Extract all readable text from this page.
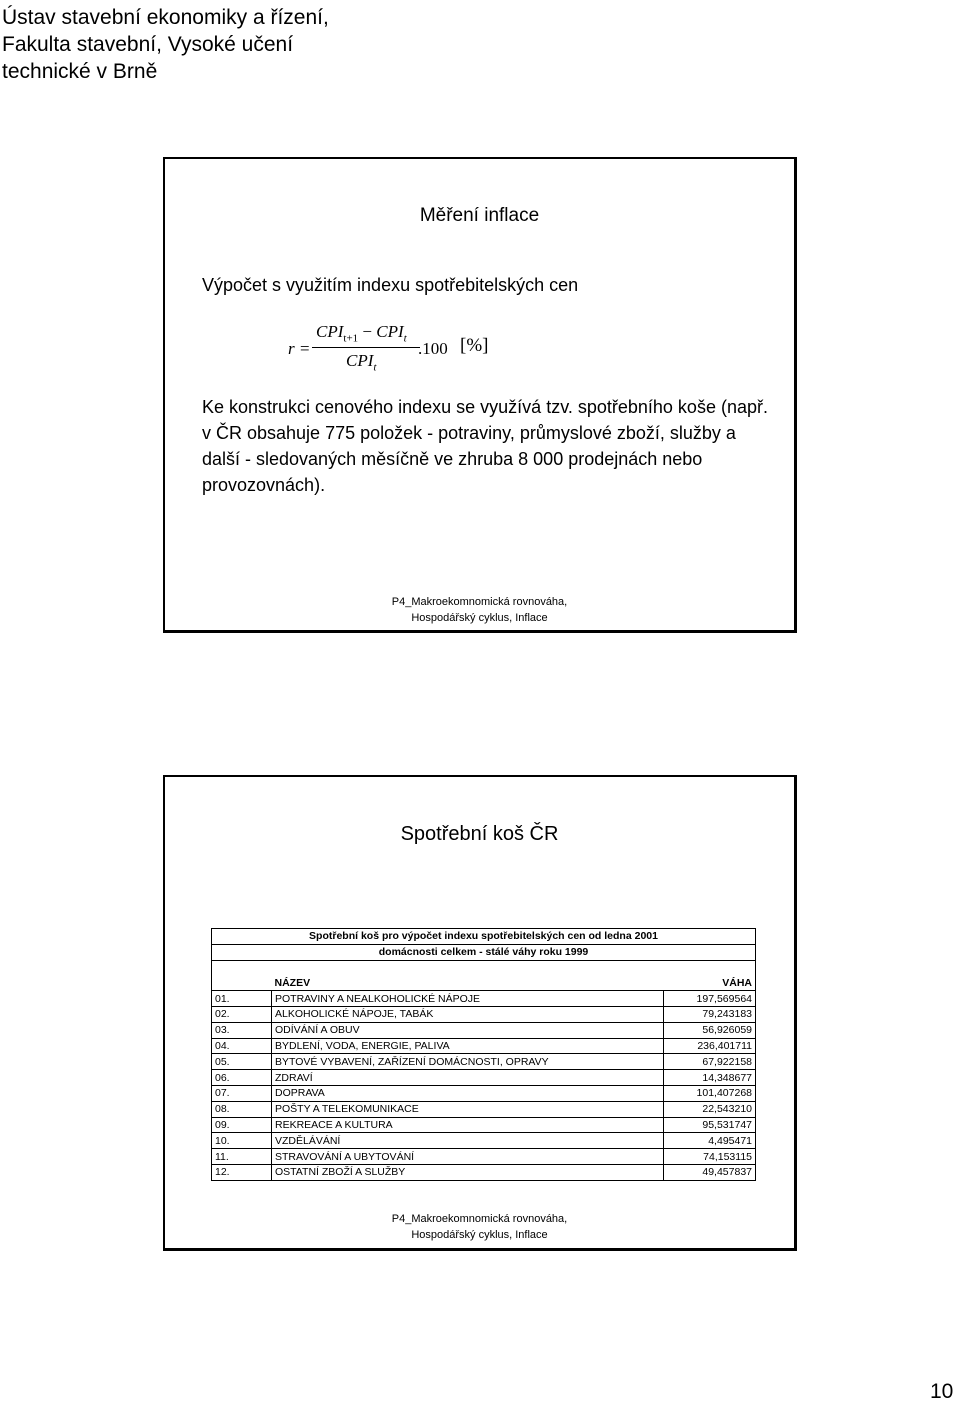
Ústav stavební ekonomiky a řízení,
Fakulta stavební, Vysoké učení
technické v Brně
Měření inflace
Výpočet s využitím indexu spotřebitelských cen
r =
$CPI_{t+1} - CPI_t$
$CPI_t$
.100 [%]
Ke konstrukci cenového indexu se využívá tzv. spotřebního koše (např.
v ČR obsahuje 775 položek - potraviny, průmyslové zboží, služby a
další - sledovaných měsíčně ve zhruba 8 000 prodejnách nebo
provozovnách).
P4_Makroekomnomická rovnováha,
Hospodářský cyklus, Inflace
Spotřební koš ČR
Spotřební koš pro výpočet indexu spotřebitelských cen od ledna 2001		
domácnosti celkem - stálé váhy roku 1999		

	NÁZEV	VÁHA
01.	POTRAVINY A NEALKOHOLICKÉ NÁPOJE	197,569564
02.	ALKOHOLICKÉ NÁPOJE, TABÁK	79,243183
03.	ODÍVÁNÍ A OBUV	56,926059
04.	BYDLENÍ, VODA, ENERGIE, PALIVA	236,401711
05.	BYTOVÉ VYBAVENÍ, ZAŘÍZENÍ DOMÁCNOSTI, OPRAVY	67,922158
06.	ZDRAVÍ	14,348677
07.	DOPRAVA	101,407268
08.	POŠTY A TELEKOMUNIKACE	22,543210
09.	REKREACE A KULTURA	95,531747
10.	VZDĚLÁVÁNÍ	4,495471
11.	STRAVOVÁNÍ A UBYTOVÁNÍ	74,153115
12.	OSTATNÍ ZBOŽÍ A SLUŽBY	49,457837
P4_Makroekomnomická rovnováha,
Hospodářský cyklus, Inflace
10
